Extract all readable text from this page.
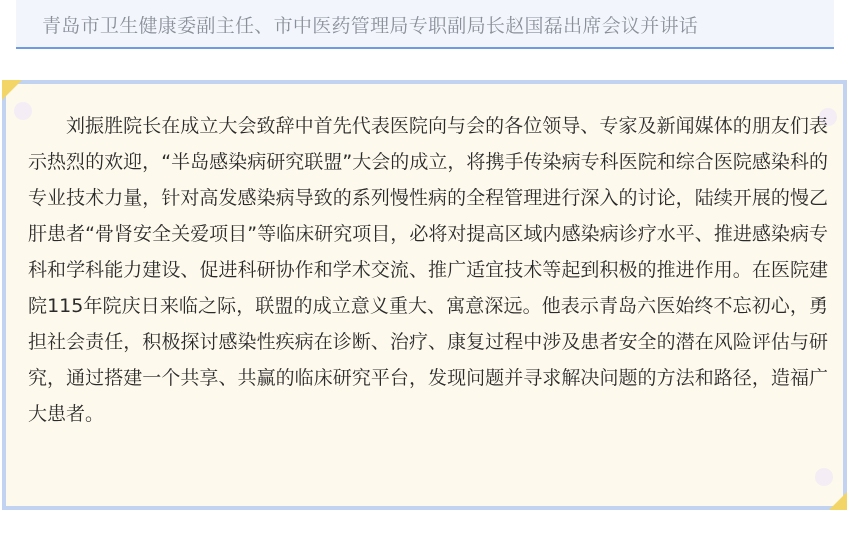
青岛市卫生健康委副主任、市中医药管理局专职副局长赵国磊出席会议并讲话

刘振胜院长在成立大会致辞中首先代表医院向与会的各位领导、专家及新闻媒体的朋友们表示热烈的欢迎，“半岛感染病研究联盟”大会的成立，将携手传染病专科医院和综合医院感染科的专业技术力量，针对高发感染病导致的系列慢性病的全程管理进行深入的讨论，陆续开展的慢乙肝患者“骨肾安全关爱项目”等临床研究项目，必将对提高区域内感染病诊疗水平、推进感染病专科和学科能力建设、促进科研协作和学术交流、推广适宜技术等起到积极的推进作用。在医院建院115年院庆日来临之际，联盟的成立意义重大、寓意深远。他表示青岛六医始终不忘初心，勇担社会责任，积极探讨感染性疾病在诊断、治疗、康复过程中涉及患者安全的潜在风险评估与研究，通过搭建一个共享、共赢的临床研究平台，发现问题并寻求解决问题的方法和路径，造福广大患者。
